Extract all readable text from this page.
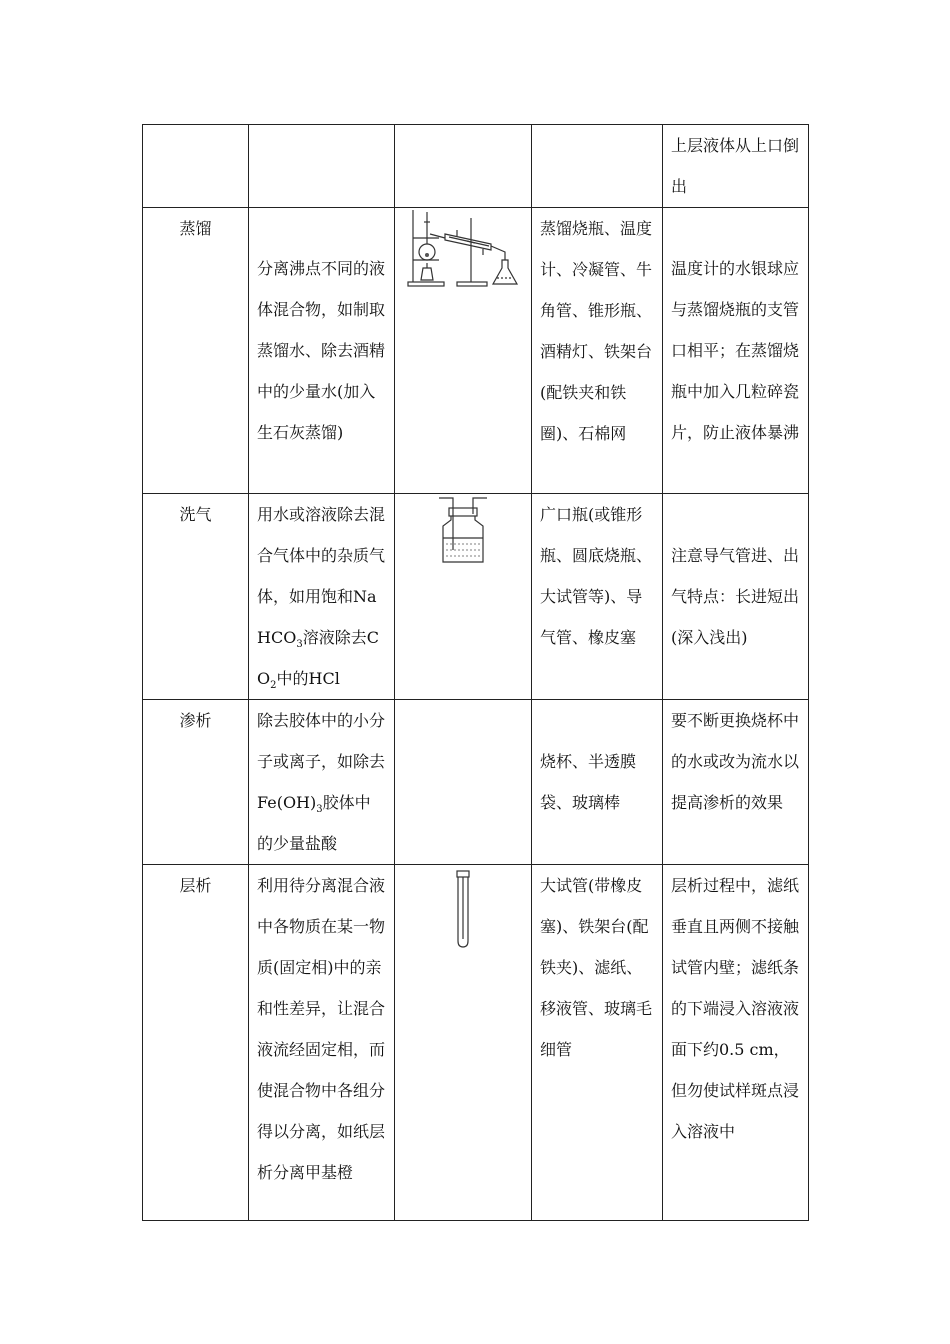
				上层液体从上口倒出

蒸馏	分离沸点不同的液体混合物，如制取蒸馏水、除去酒精中的少量水(加入生石灰蒸馏)		蒸馏烧瓶、温度计、冷凝管、牛角管、锥形瓶、酒精灯、铁架台(配铁夹和铁圈)、石棉网	温度计的水银球应与蒸馏烧瓶的支管口相平；在蒸馏烧瓶中加入几粒碎瓷片，防止液体暴沸

洗气	用水或溶液除去混合气体中的杂质气体，如用饱和NaHCO$_3$溶液除去$CO_2$中的HCl		广口瓶(或锥形瓶、圆底烧瓶、大试管等)、导气管、橡皮塞	注意导气管进、出气特点：长进短出(深入浅出)

渗析	除去胶体中的小分子或离子，如除去$Fe(OH)_3$胶体中的少量盐酸		烧杯、半透膜袋、玻璃棒	要不断更换烧杯中的水或改为流水以提高渗析的效果

层析	利用待分离混合液中各物质在某一物质(固定相)中的亲和性差异，让混合液流经固定相，而使混合物中各组分得以分离，如纸层析分离甲基橙		大试管(带橡皮塞)、铁架台(配铁夹)、滤纸、移液管、玻璃毛细管	层析过程中，滤纸垂直且两侧不接触试管内壁；滤纸条的下端浸入溶液液面下约0.5 cm，但勿使试样斑点浸入溶液中
